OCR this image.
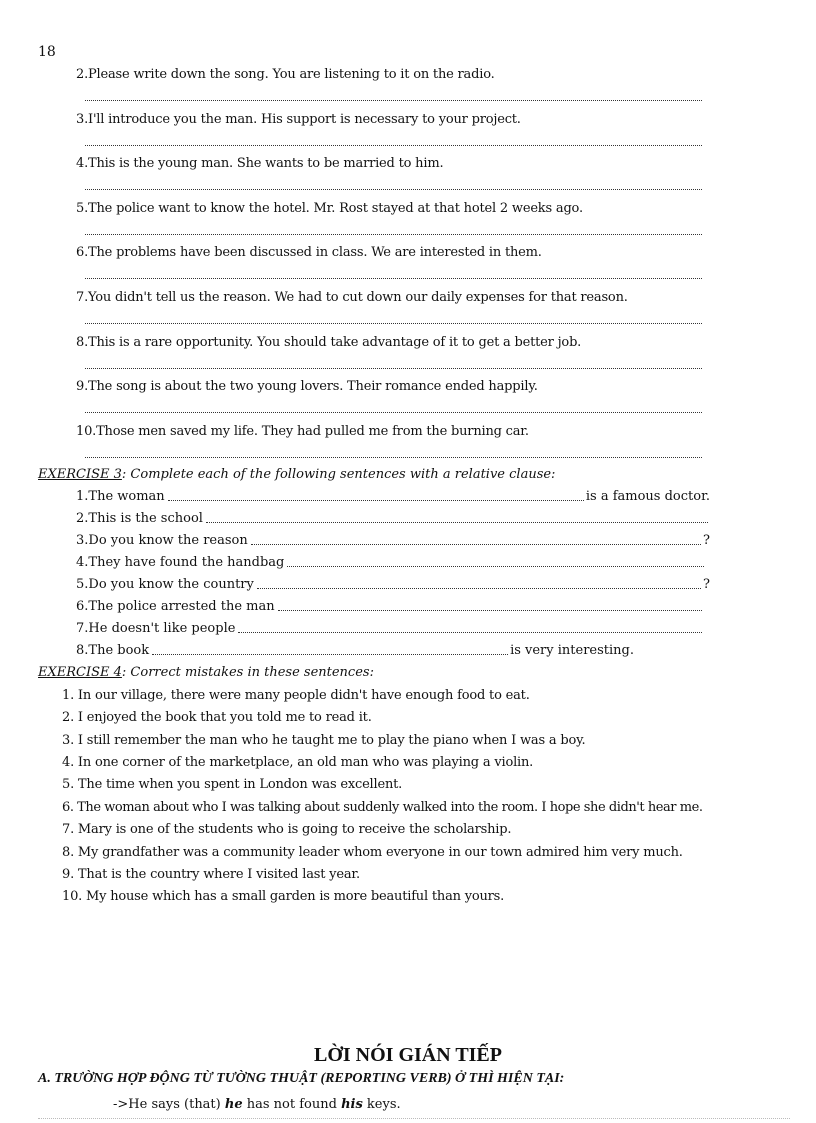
18
2.Please write down the song. You are listening to it on the radio.
3.I'll introduce you the man. His support is necessary to your project.
4.This is the young man. She wants to be married to him.
5.The police want to know the hotel. Mr. Rost stayed at that hotel 2 weeks ago.
6.The problems have been discussed in class. We are interested in them.
7.You didn't tell us the reason. We had to cut down our daily expenses for that reason.
8.This is a rare opportunity. You should take advantage of it to get a better job.
9.The song is about the two young lovers. Their romance ended happily.
10.Those men saved my life. They had pulled me from the burning car.
EXERCISE 3: Complete each of the following sentences with a relative clause:
1.The woman	is a famous doctor.
2.This is the school
3.Do you know the reason	?
4.They have found the handbag
5.Do you know the country	?
6.The police arrested the man
7.He doesn't like people
8.The book	is very interesting.
EXERCISE 4: Correct mistakes in these sentences:
1. In our village, there were many people didn't have enough food to eat.
2. I enjoyed the book that you told me to read it.
3. I still remember the man who he taught me to play the piano when I was a boy.
4. In one corner of the marketplace, an old man who was playing a violin.
5. The time when you spent in London was excellent.
6. The woman about who I was talking about suddenly walked into the room. I hope she didn't hear me.
7. Mary is one of the students who is going to receive the scholarship.
8. My grandfather was a community leader whom everyone in our town admired him very much.
9. That is the country where I visited last year.
10. My house which has a small garden is more beautiful than yours.
LỜI NÓI GIÁN TIẾP
A. TRƯỜNG HỢP ĐỘNG TỪ TƯỜNG THUẬT (REPORTING VERB) Ở THÌ HIỆN TẠI:
->He says (that) he has not found his keys.
